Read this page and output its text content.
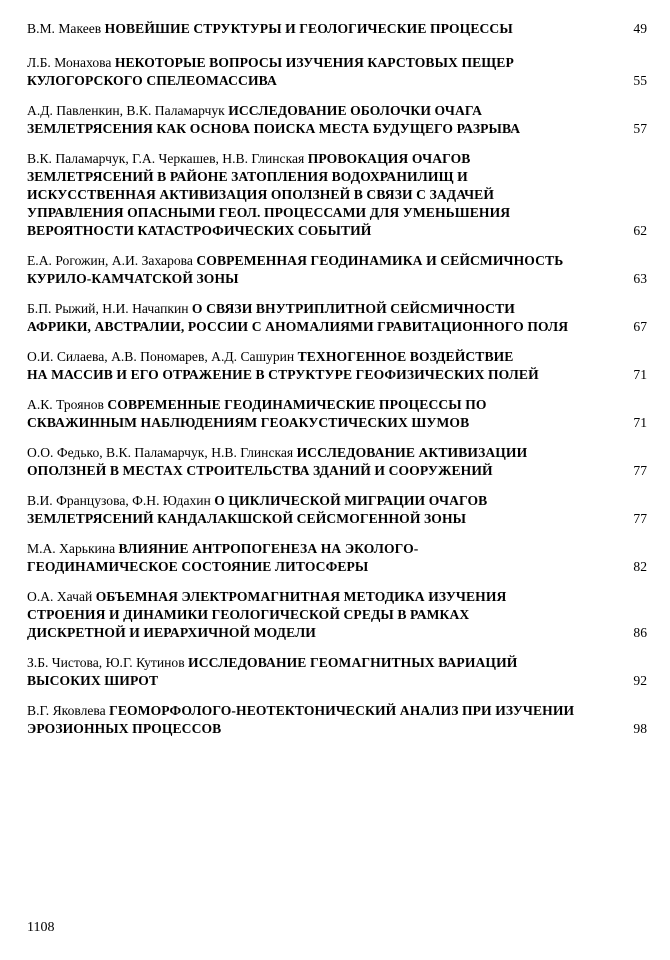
В.М. Макеев НОВЕЙШИЕ СТРУКТУРЫ И ГЕОЛОГИЧЕСКИЕ ПРОЦЕССЫ	49
Л.Б. Монахова НЕКОТОРЫЕ ВОПРОСЫ ИЗУЧЕНИЯ КАРСТОВЫХ ПЕЩЕР
КУЛОГОРСКОГО СПЕЛЕОМАССИВА	55
А.Д. Павленкин, В.К. Паламарчук ИССЛЕДОВАНИЕ ОБОЛОЧКИ ОЧАГА
ЗЕМЛЕТРЯСЕНИЯ КАК ОСНОВА ПОИСКА МЕСТА БУДУЩЕГО РАЗРЫВА	57
В.К. Паламарчук, Г.А. Черкашев, Н.В. Глинская ПРОВОКАЦИЯ ОЧАГОВ
ЗЕМЛЕТРЯСЕНИЙ В РАЙОНЕ ЗАТОПЛЕНИЯ ВОДОХРАНИЛИЩ И
ИСКУССТВЕННАЯ АКТИВИЗАЦИЯ ОПОЛЗНЕЙ В СВЯЗИ С ЗАДАЧЕЙ
УПРАВЛЕНИЯ ОПАСНЫМИ ГЕОЛ. ПРОЦЕССАМИ ДЛЯ УМЕНЬШЕНИЯ
ВЕРОЯТНОСТИ КАТАСТРОФИЧЕСКИХ СОБЫТИЙ	62
Е.А. Рогожин, А.И. Захарова СОВРЕМЕННАЯ ГЕОДИНАМИКА И СЕЙСМИЧНОСТЬ
КУРИЛО-КАМЧАТСКОЙ ЗОНЫ	63
Б.П. Рыжий, Н.И. Начапкин О СВЯЗИ ВНУТРИПЛИТНОЙ СЕЙСМИЧНОСТИ
АФРИКИ, АВСТРАЛИИ, РОССИИ С АНОМАЛИЯМИ ГРАВИТАЦИОННОГО ПОЛЯ	67
О.И. Силаева, А.В. Пономарев, А.Д. Сашурин ТЕХНОГЕННОЕ ВОЗДЕЙСТВИЕ
НА МАССИВ И ЕГО ОТРАЖЕНИЕ В СТРУКТУРЕ ГЕОФИЗИЧЕСКИХ ПОЛЕЙ	71
А.К. Троянов СОВРЕМЕННЫЕ ГЕОДИНАМИЧЕСКИЕ ПРОЦЕССЫ ПО
СКВАЖИННЫМ НАБЛЮДЕНИЯМ ГЕОАКУСТИЧЕСКИХ ШУМОВ	71
О.О. Федько, В.К. Паламарчук, Н.В. Глинская ИССЛЕДОВАНИЕ АКТИВИЗАЦИИ
ОПОЛЗНЕЙ В МЕСТАХ СТРОИТЕЛЬСТВА ЗДАНИЙ И СООРУЖЕНИЙ	77
В.И. Французова, Ф.Н. Юдахин О ЦИКЛИЧЕСКОЙ МИГРАЦИИ ОЧАГОВ
ЗЕМЛЕТРЯСЕНИЙ КАНДАЛАКШСКОЙ СЕЙСМОГЕННОЙ ЗОНЫ	77
М.А. Харькина ВЛИЯНИЕ АНТРОПОГЕНЕЗА НА ЭКОЛОГО-
ГЕОДИНАМИЧЕСКОЕ СОСТОЯНИЕ ЛИТОСФЕРЫ	82
О.А. Хачай ОБЪЕМНАЯ ЭЛЕКТРОМАГНИТНАЯ МЕТОДИКА ИЗУЧЕНИЯ
СТРОЕНИЯ И ДИНАМИКИ ГЕОЛОГИЧЕСКОЙ СРЕДЫ В РАМКАХ
ДИСКРЕТНОЙ И ИЕРАРХИЧНОЙ МОДЕЛИ	86
З.Б. Чистова, Ю.Г. Кутинов ИССЛЕДОВАНИЕ ГЕОМАГНИТНЫХ ВАРИАЦИЙ
ВЫСОКИХ ШИРОТ	92
В.Г. Яковлева ГЕОМОРФОЛОГО-НЕОТЕКТОНИЧЕСКИЙ АНАЛИЗ ПРИ ИЗУЧЕНИИ
ЭРОЗИОННЫХ ПРОЦЕССОВ	98
1108
